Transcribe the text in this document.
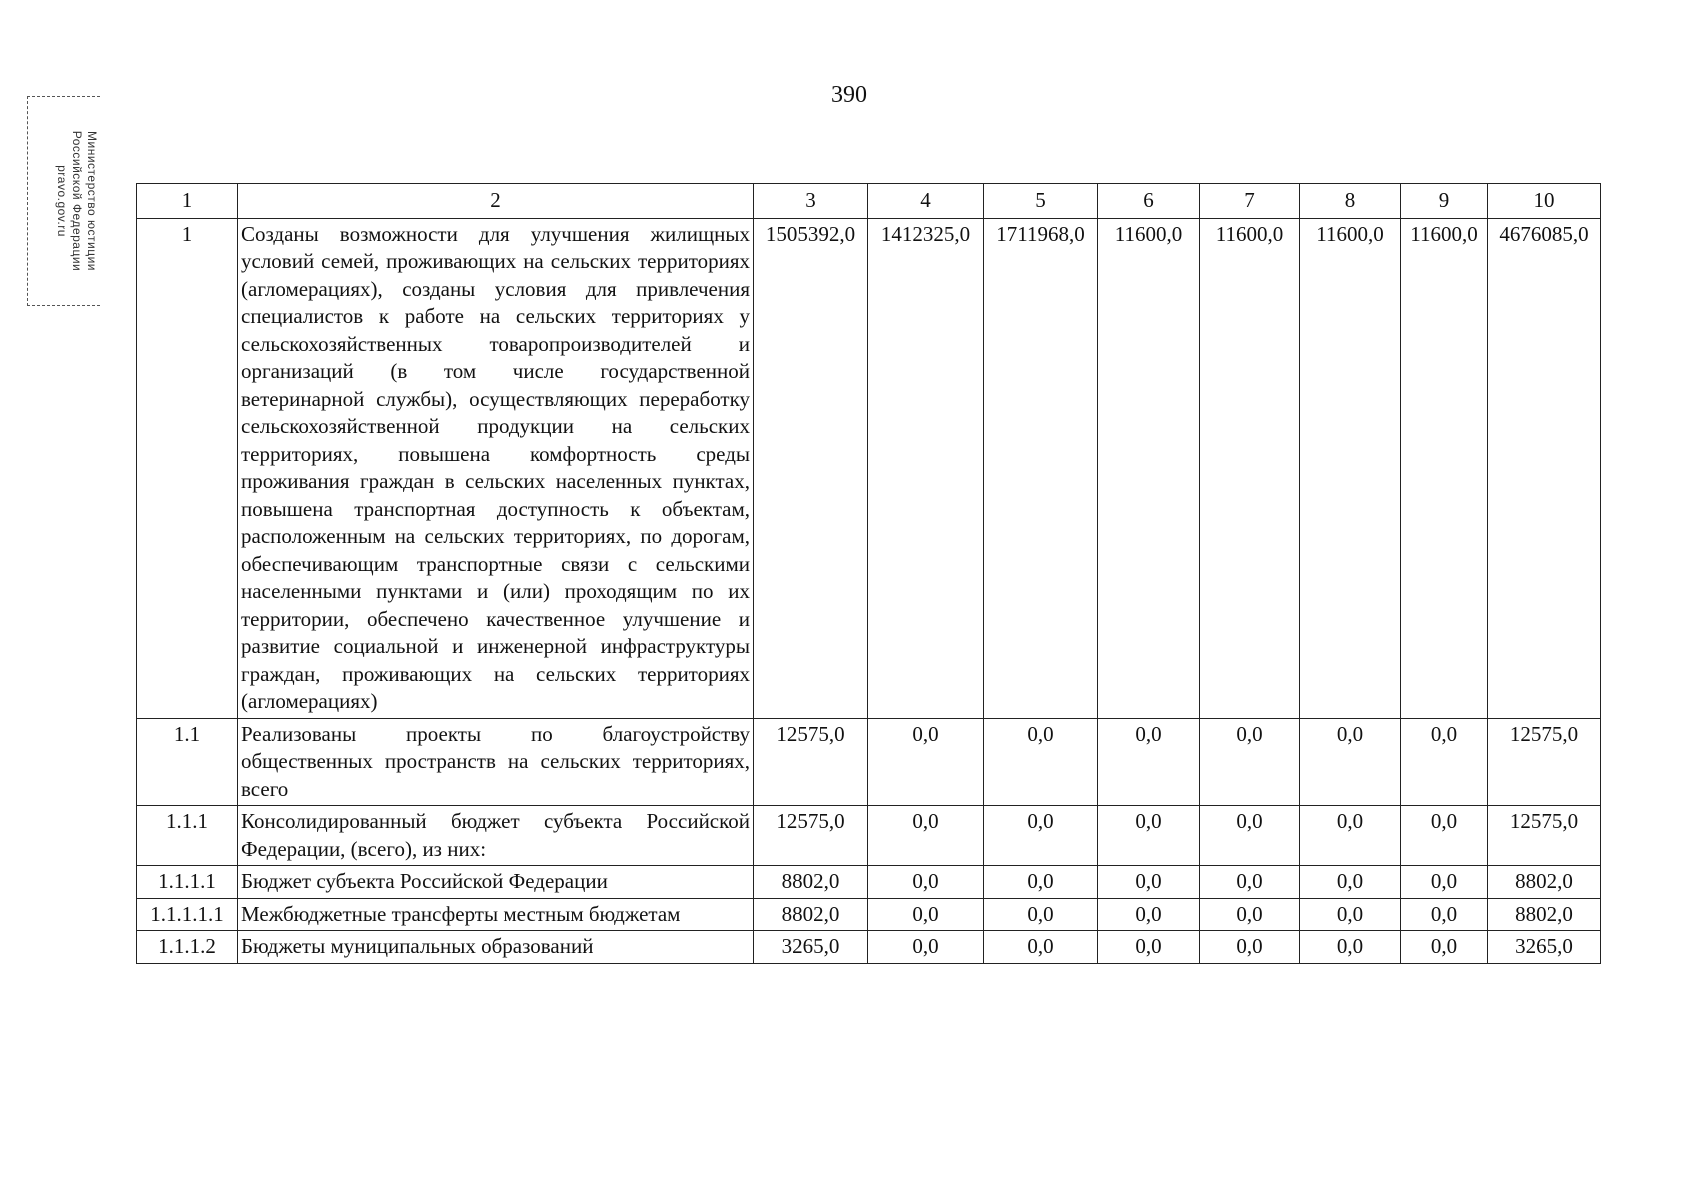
Министерство юстиции
Российской Федерации
pravo.gov.ru
390
1	2	3	4	5	6	7	8	9	10
1	Созданы возможности для улучшения жилищных условий семей, проживающих на сельских территориях (агломерациях), созданы условия для привлечения специалистов к работе на сельских территориях у сельскохозяйственных товаропроизводителей и организаций (в том числе государственной ветеринарной службы), осуществляющих переработку сельскохозяйственной продукции на сельских территориях, повышена комфортность среды проживания граждан в сельских населенных пунктах, повышена транспортная доступность к объектам, расположенным на сельских территориях, по дорогам, обеспечивающим транспортные связи с сельскими населенными пунктами и (или) проходящим по их территории, обеспечено качественное улучшение и развитие социальной и инженерной инфраструктуры граждан, проживающих на сельских территориях (агломерациях)	1505392,0	1412325,0	1711968,0	11600,0	11600,0	11600,0	11600,0	4676085,0
1.1	Реализованы проекты по благоустройству общественных пространств на сельских территориях, всего	12575,0	0,0	0,0	0,0	0,0	0,0	0,0	12575,0
1.1.1	Консолидированный бюджет субъекта Российской Федерации, (всего), из них:	12575,0	0,0	0,0	0,0	0,0	0,0	0,0	12575,0
1.1.1.1	Бюджет субъекта Российской Федерации	8802,0	0,0	0,0	0,0	0,0	0,0	0,0	8802,0
1.1.1.1.1	Межбюджетные трансферты местным бюджетам	8802,0	0,0	0,0	0,0	0,0	0,0	0,0	8802,0
1.1.1.2	Бюджеты муниципальных образований	3265,0	0,0	0,0	0,0	0,0	0,0	0,0	3265,0
